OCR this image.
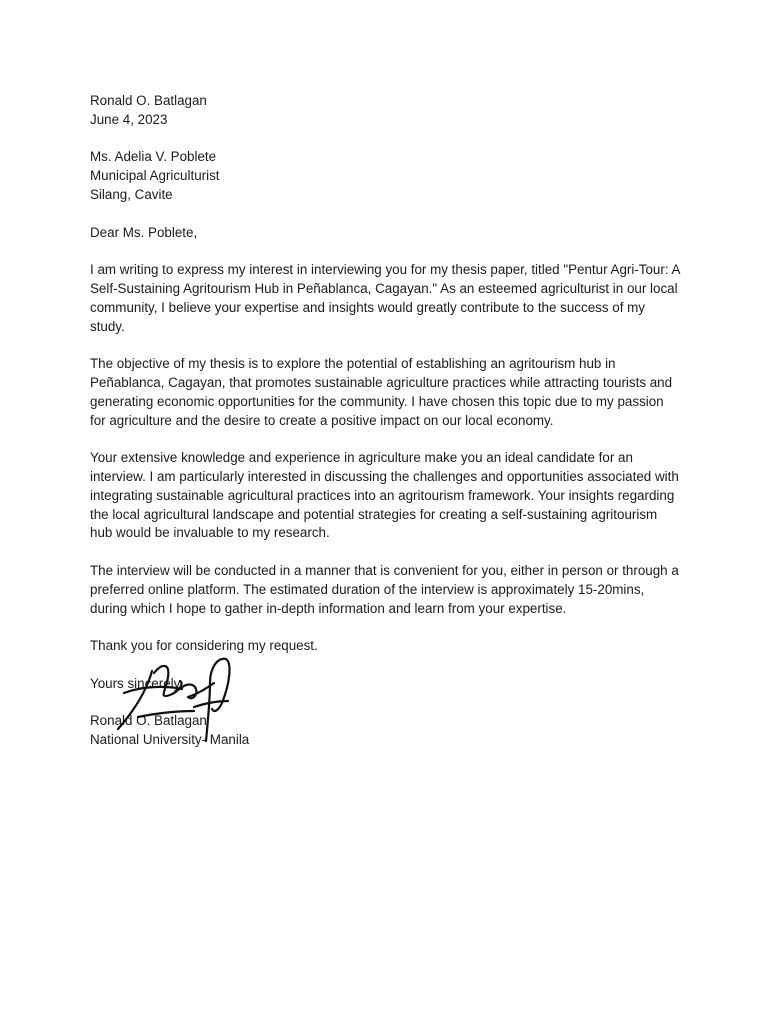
Ronald O. Batlagan
June 4, 2023
Ms. Adelia V. Poblete
Municipal Agriculturist
Silang, Cavite
Dear Ms. Poblete,

I am writing to express my interest in interviewing you for my thesis paper, titled "Pentur Agri-Tour: A Self-Sustaining Agritourism Hub in Peñablanca, Cagayan." As an esteemed agriculturist in our local community, I believe your expertise and insights would greatly contribute to the success of my study.

The objective of my thesis is to explore the potential of establishing an agritourism hub in Peñablanca, Cagayan, that promotes sustainable agriculture practices while attracting tourists and generating economic opportunities for the community. I have chosen this topic due to my passion for agriculture and the desire to create a positive impact on our local economy.

Your extensive knowledge and experience in agriculture make you an ideal candidate for an interview. I am particularly interested in discussing the challenges and opportunities associated with integrating sustainable agricultural practices into an agritourism framework. Your insights regarding the local agricultural landscape and potential strategies for creating a self-sustaining agritourism hub would be invaluable to my research.

The interview will be conducted in a manner that is convenient for you, either in person or through a preferred online platform. The estimated duration of the interview is approximately 15-20mins, during which I hope to gather in-depth information and learn from your expertise.

Thank you for considering my request.

Yours sincerely,
Ronald O. Batlagan
National University- Manila
